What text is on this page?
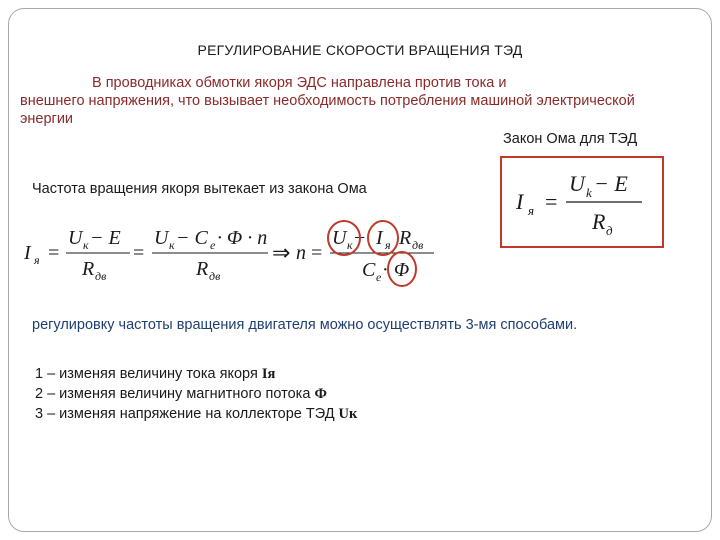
РЕГУЛИРОВАНИЕ СКОРОСТИ ВРАЩЕНИЯ ТЭД
В проводниках обмотки якоря ЭДС направлена против тока и
внешнего напряжения, что вызывает необходимость потребления машиной электрической энергии
Закон Ома для ТЭД
I я =
U k − E
R д
Частота вращения якоря вытекает из закона Ома
I я =
U к − E
R дв
=
U к − C е · Φ · n
R дв
⇒ n =
U к − I я R дв
C е · Φ
регулировку частоты вращения двигателя можно осуществлять 3-мя способами.
1 – изменяя величину тока якоря Iя
2 – изменяя величину магнитного потока Ф
3 – изменяя напряжение на коллекторе ТЭД Uк
